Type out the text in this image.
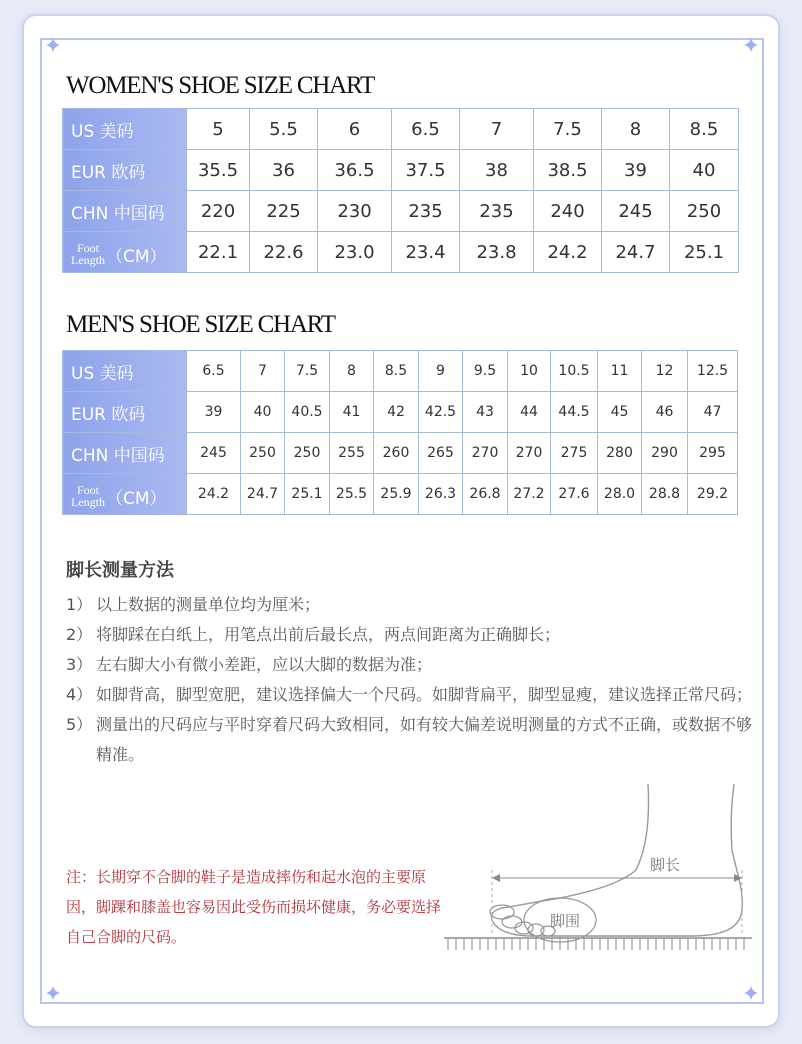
✦	✦
✦	✦
WOMEN'S SHOE SIZE CHART
US 美码	5	5.5	6	6.5	7	7.5	8	8.5
EUR 欧码	35.5	36	36.5	37.5	38	38.5	39	40
CHN 中国码	220	225	230	235	235	240	245	250

Foot
Length （CM）	22.1	22.6	23.0	23.4	23.8	24.2	24.7	25.1
MEN'S SHOE SIZE CHART
US 美码	6.5	7	7.5	8	8.5	9	9.5	10	10.5	11	12	12.5
EUR 欧码	39	40	40.5	41	42	42.5	43	44	44.5	45	46	47
CHN 中国码	245	250	250	255	260	265	270	270	275	280	290	295

Foot
Length （CM）	24.2	24.7	25.1	25.5	25.9	26.3	26.8	27.2	27.6	28.0	28.8	29.2
脚长测量方法
1） 以上数据的测量单位均为厘米；
2） 将脚踩在白纸上，用笔点出前后最长点，两点间距离为正确脚长；
3） 左右脚大小有微小差距，应以大脚的数据为准；
4） 如脚背高，脚型宽肥，建议选择偏大一个尺码。如脚背扁平，脚型显瘦，建议选择正常尺码；
5） 测量出的尺码应与平时穿着尺码大致相同，如有较大偏差说明测量的方式不正确，或数据不够精准。
注：长期穿不合脚的鞋子是造成摔伤和起水泡的主要原因，脚踝和膝盖也容易因此受伤而损坏健康，务必要选择自己合脚的尺码。
脚长
脚围
